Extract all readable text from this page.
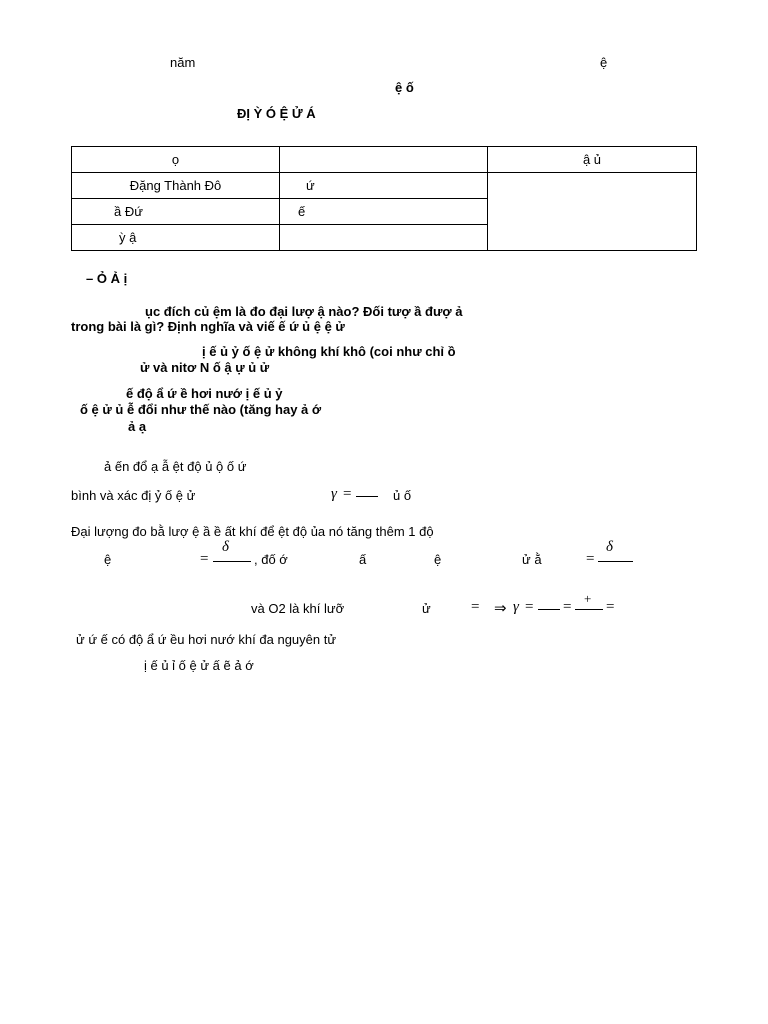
năm	ệ
ệ ố
ĐỊ Ỳ Ó Ệ Ử Á
ọ		ậ ủ
Đặng Thành Đô	ứ	
ầ Đứ	ế	
ỳ ậ		
– Ỏ Ả ị
ục đích củ ệm là đo đại lượ ậ nào? Đối tượ ầ đượ ả
trong bài là gì? Định nghĩa và viế ế ứ ủ ệ ệ ử
ị ế ủ ỷ ố ệ ử không khí khô (coi như chỉ ồ
ử và nitơ N ố ậ ự ủ ử
ế độ ẩ ứ ề hơi nướ ị ế ủ ỷ
ố ệ ử ủ ễ đổi như thế nào (tăng hay ả ớ
ả ạ
ả ến đổ ạ ẫ ệt độ ủ ộ ố ứ
bình và xác đị ỷ ố ệ ử	γ =	ủ ố
Đại lượng đo bằ lượ ệ ầ ề ất khí để ệt độ ủa nó tăng thêm 1 độ
ệ	=
δ
, đố ớ	ấ	ệ	ử ằ	=
δ
và O2 là khí lưỡ	ử	= ⇒ γ = =
+
=
ử ứ ế có độ ẩ ứ ều hơi nướ khí đa nguyên tử
ị ế ủ ỉ ố ệ ử ấ ẽ ả ớ
